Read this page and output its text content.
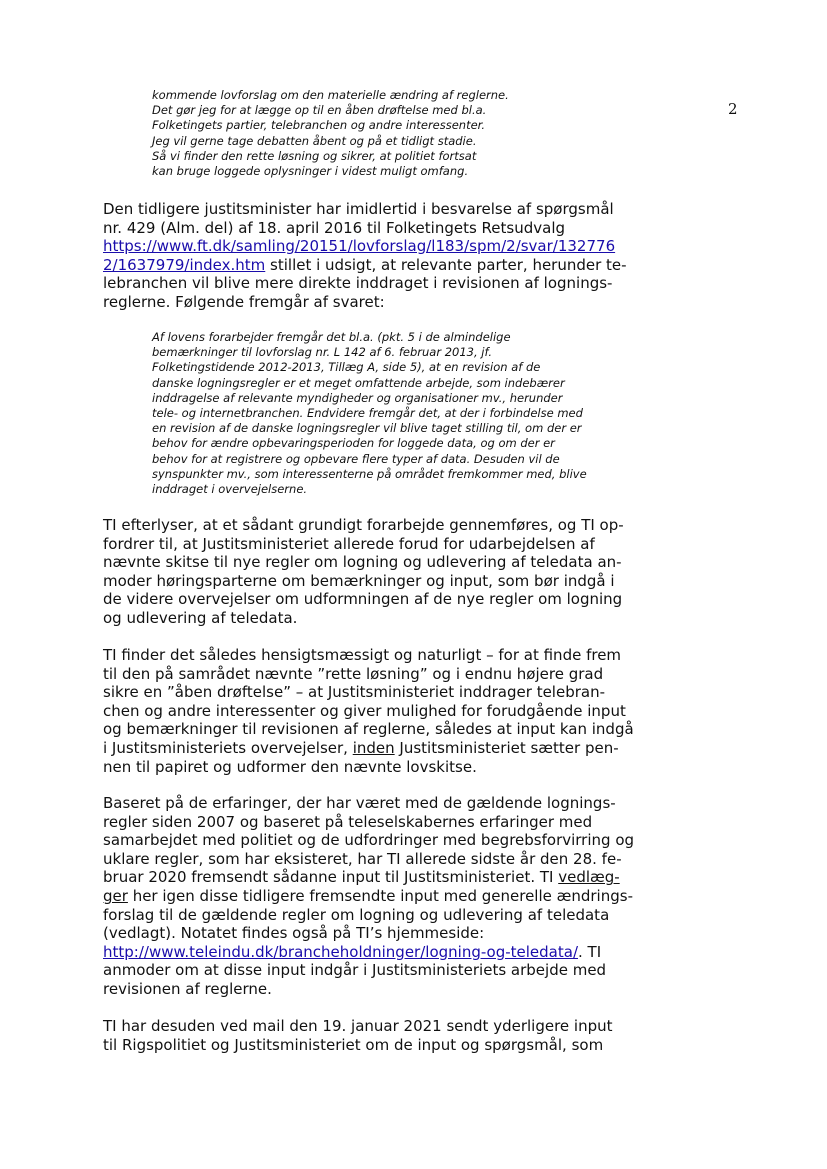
2
kommende lovforslag om den materielle ændring af reglerne.
Det gør jeg for at lægge op til en åben drøftelse med bl.a.
Folketingets partier, telebranchen og andre interessenter.
Jeg vil gerne tage debatten åbent og på et tidligt stadie.
Så vi finder den rette løsning og sikrer, at politiet fortsat
kan bruge loggede oplysninger i videst muligt omfang.
Den tidligere justitsminister har imidlertid i besvarelse af spørgsmål
nr. 429 (Alm. del) af 18. april 2016 til Folketingets Retsudvalg
https://www.ft.dk/samling/20151/lovforslag/l183/spm/2/svar/132776
2/1637979/index.htm stillet i udsigt, at relevante parter, herunder te-
lebranchen vil blive mere direkte inddraget i revisionen af lognings-
reglerne. Følgende fremgår af svaret:
Af lovens forarbejder fremgår det bl.a. (pkt. 5 i de almindelige
bemærkninger til lovforslag nr. L 142 af 6. februar 2013, jf.
Folketingstidende 2012-2013, Tillæg A, side 5), at en revision af de
danske logningsregler er et meget omfattende arbejde, som indebærer
inddragelse af relevante myndigheder og organisationer mv., herunder
tele- og internetbranchen. Endvidere fremgår det, at der i forbindelse med
en revision af de danske logningsregler vil blive taget stilling til, om der er
behov for ændre opbevaringsperioden for loggede data, og om der er
behov for at registrere og opbevare flere typer af data. Desuden vil de
synspunkter mv., som interessenterne på området fremkommer med, blive
inddraget i overvejelserne.
TI efterlyser, at et sådant grundigt forarbejde gennemføres, og TI op-
fordrer til, at Justitsministeriet allerede forud for udarbejdelsen af
nævnte skitse til nye regler om logning og udlevering af teledata an-
moder høringsparterne om bemærkninger og input, som bør indgå i
de videre overvejelser om udformningen af de nye regler om logning
og udlevering af teledata.
TI finder det således hensigtsmæssigt og naturligt – for at finde frem
til den på samrådet nævnte ”rette løsning” og i endnu højere grad
sikre en ”åben drøftelse” – at Justitsministeriet inddrager telebran-
chen og andre interessenter og giver mulighed for forudgående input
og bemærkninger til revisionen af reglerne, således at input kan indgå
i Justitsministeriets overvejelser, inden Justitsministeriet sætter pen-
nen til papiret og udformer den nævnte lovskitse.
Baseret på de erfaringer, der har været med de gældende lognings-
regler siden 2007 og baseret på teleselskabernes erfaringer med
samarbejdet med politiet og de udfordringer med begrebsforvirring og
uklare regler, som har eksisteret, har TI allerede sidste år den 28. fe-
bruar 2020 fremsendt sådanne input til Justitsministeriet. TI vedlæg-
ger her igen disse tidligere fremsendte input med generelle ændrings-
forslag til de gældende regler om logning og udlevering af teledata
(vedlagt). Notatet findes også på TI’s hjemmeside:
http://www.teleindu.dk/brancheholdninger/logning-og-teledata/. TI
anmoder om at disse input indgår i Justitsministeriets arbejde med
revisionen af reglerne.
TI har desuden ved mail den 19. januar 2021 sendt yderligere input
til Rigspolitiet og Justitsministeriet om de input og spørgsmål, som
